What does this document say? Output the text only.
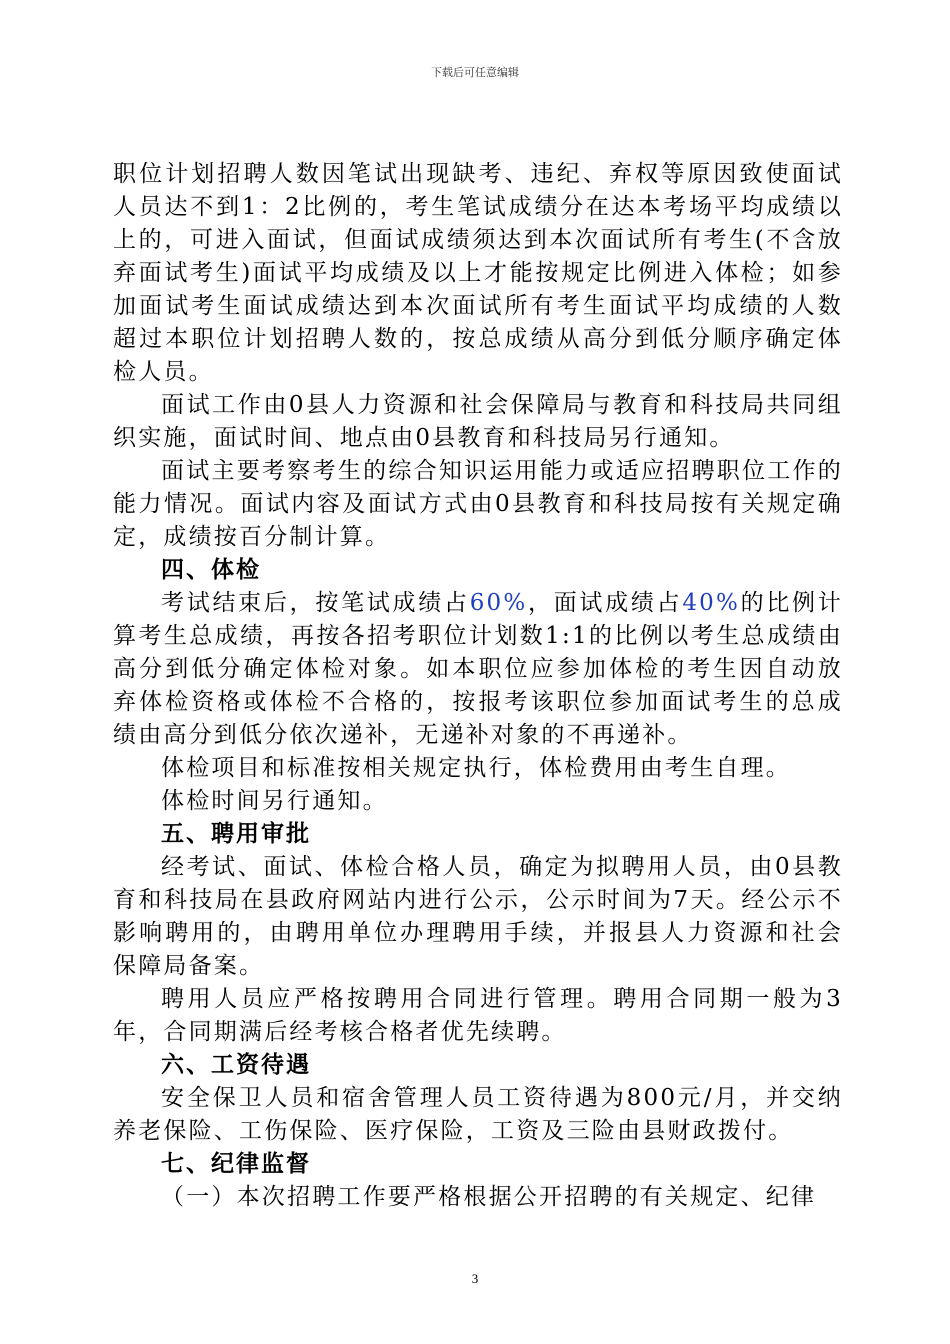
下载后可任意编辑

职位计划招聘人数因笔试出现缺考、违纪、弃权等原因致使面试人员达不到1：2比例的，考生笔试成绩分在达本考场平均成绩以上的，可进入面试，但面试成绩须达到本次面试所有考生(不含放弃面试考生)面试平均成绩及以上才能按规定比例进入体检；如参加面试考生面试成绩达到本次面试所有考生面试平均成绩的人数超过本职位计划招聘人数的，按总成绩从高分到低分顺序确定体检人员。

面试工作由0县人力资源和社会保障局与教育和科技局共同组织实施，面试时间、地点由0县教育和科技局另行通知。

面试主要考察考生的综合知识运用能力或适应招聘职位工作的能力情况。面试内容及面试方式由0县教育和科技局按有关规定确定，成绩按百分制计算。

四、体检

考试结束后，按笔试成绩占60%，面试成绩占40%的比例计算考生总成绩，再按各招考职位计划数1:1的比例以考生总成绩由高分到低分确定体检对象。如本职位应参加体检的考生因自动放弃体检资格或体检不合格的，按报考该职位参加面试考生的总成绩由高分到低分依次递补，无递补对象的不再递补。

体检项目和标准按相关规定执行，体检费用由考生自理。

体检时间另行通知。

五、聘用审批

经考试、面试、体检合格人员，确定为拟聘用人员，由0县教育和科技局在县政府网站内进行公示，公示时间为7天。经公示不影响聘用的，由聘用单位办理聘用手续，并报县人力资源和社会保障局备案。

聘用人员应严格按聘用合同进行管理。聘用合同期一般为3年，合同期满后经考核合格者优先续聘。

六、工资待遇

安全保卫人员和宿舍管理人员工资待遇为800元/月，并交纳养老保险、工伤保险、医疗保险，工资及三险由县财政拨付。

七、纪律监督

（一）本次招聘工作要严格根据公开招聘的有关规定、纪律

3
